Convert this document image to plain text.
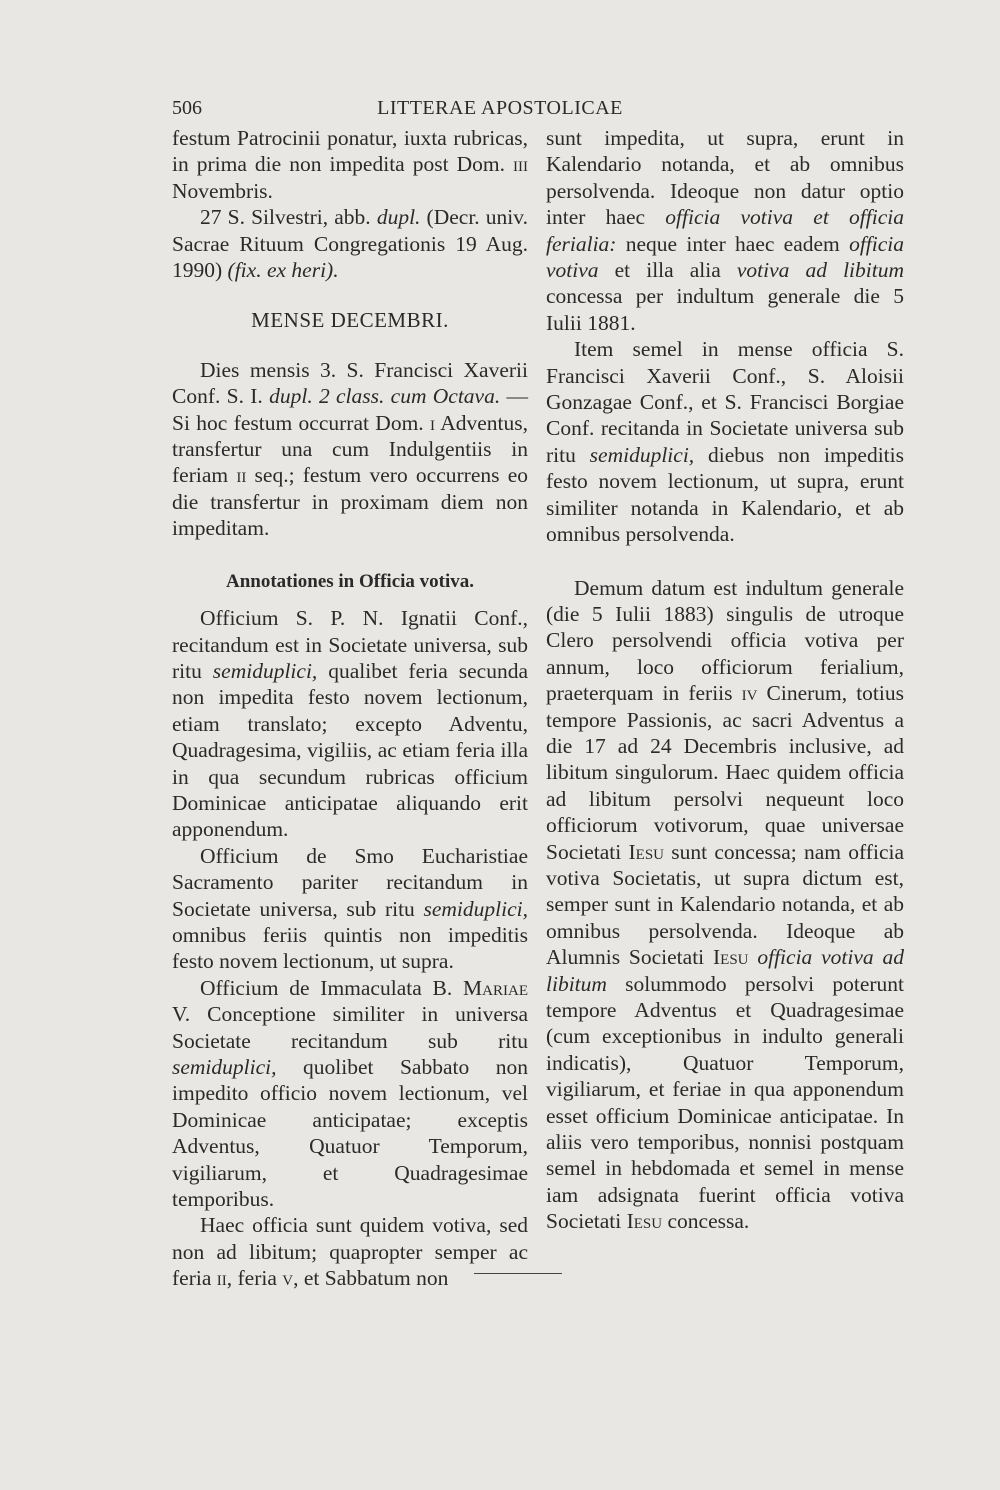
506	LITTERAE APOSTOLICAE

festum Patrocinii ponatur, iuxta rubricas, in prima die non impedita post Dom. iii Novembris.

27 S. Silvestri, abb. dupl. (Decr. univ. Sacrae Rituum Congregationis 19 Aug. 1990) (fix. ex heri).

MENSE DECEMBRI.

Dies mensis 3. S. Francisci Xaverii Conf. S. I. dupl. 2 class. cum Octava. — Si hoc festum occurrat Dom. i Adventus, transfertur una cum Indulgentiis in feriam ii seq.; festum vero occurrens eo die transfertur in proximam diem non impeditam.

Annotationes in Officia votiva.

Officium S. P. N. Ignatii Conf., recitandum est in Societate universa, sub ritu semiduplici, qualibet feria secunda non impedita festo novem lectionum, etiam translato; excepto Adventu, Quadragesima, vigiliis, ac etiam feria illa in qua secundum rubricas officium Dominicae anticipatae aliquando erit apponendum.

Officium de Smo Eucharistiae Sacramento pariter recitandum in Societate universa, sub ritu semiduplici, omnibus feriis quintis non impeditis festo novem lectionum, ut supra.

Officium de Immaculata B. Mariae V. Conceptione similiter in universa Societate recitandum sub ritu semiduplici, quolibet Sabbato non impedito officio novem lectionum, vel Dominicae anticipatae; exceptis Adventus, Quatuor Temporum, vigiliarum, et Quadragesimae temporibus.

Haec officia sunt quidem votiva, sed non ad libitum; quapropter semper ac feria ii, feria v, et Sabbatum non

sunt impedita, ut supra, erunt in Kalendario notanda, et ab omnibus persolvenda. Ideoque non datur optio inter haec officia votiva et officia ferialia: neque inter haec eadem officia votiva et illa alia votiva ad libitum concessa per indultum generale die 5 Iulii 1881.

Item semel in mense officia S. Francisci Xaverii Conf., S. Aloisii Gonzagae Conf., et S. Francisci Borgiae Conf. recitanda in Societate universa sub ritu semiduplici, diebus non impeditis festo novem lectionum, ut supra, erunt similiter notanda in Kalendario, et ab omnibus persolvenda.

Demum datum est indultum generale (die 5 Iulii 1883) singulis de utroque Clero persolvendi officia votiva per annum, loco officiorum ferialium, praeterquam in feriis iv Cinerum, totius tempore Passionis, ac sacri Adventus a die 17 ad 24 Decembris inclusive, ad libitum singulorum. Haec quidem officia ad libitum persolvi nequeunt loco officiorum votivorum, quae universae Societati Iesu sunt concessa; nam officia votiva Societatis, ut supra dictum est, semper sunt in Kalendario notanda, et ab omnibus persolvenda. Ideoque ab Alumnis Societati Iesu officia votiva ad libitum solummodo persolvi poterunt tempore Adventus et Quadragesimae (cum exceptionibus in indulto generali indicatis), Quatuor Temporum, vigiliarum, et feriae in qua apponendum esset officium Dominicae anticipatae. In aliis vero temporibus, nonnisi postquam semel in hebdomada et semel in mense iam adsignata fuerint officia votiva Societati Iesu concessa.
